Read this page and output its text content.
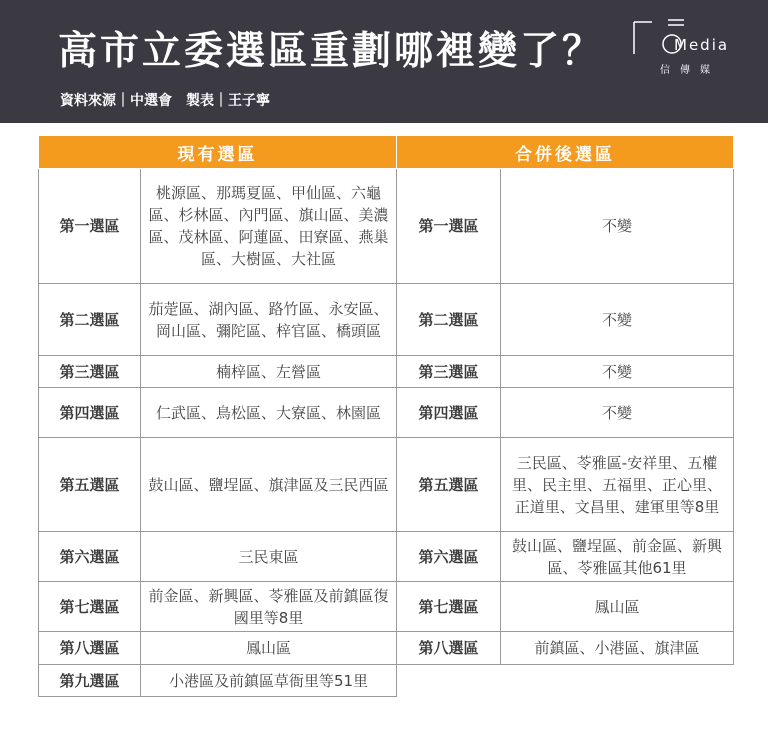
高市立委選區重劃哪裡變了？
資料來源｜中選會　製表｜王子寧
Media
信傳媒
現有選區		合併後選區	
第一選區	桃源區、那瑪夏區、甲仙區、六龜區、杉林區、內門區、旗山區、美濃區、茂林區、阿蓮區、田寮區、燕巢區、大樹區、大社區	第一選區	不變
第二選區	茄萣區、湖內區、路竹區、永安區、岡山區、彌陀區、梓官區、橋頭區	第二選區	不變
第三選區	楠梓區、左營區	第三選區	不變
第四選區	仁武區、鳥松區、大寮區、林園區	第四選區	不變
第五選區	鼓山區、鹽埕區、旗津區及三民西區	第五選區	三民區、苓雅區-安祥里、五權里、民主里、五福里、正心里、正道里、文昌里、建軍里等8里
第六選區	三民東區	第六選區	鼓山區、鹽埕區、前金區、新興區、苓雅區其他61里
第七選區	前金區、新興區、苓雅區及前鎮區復國里等8里	第七選區	鳳山區
第八選區	鳳山區	第八選區	前鎮區、小港區、旗津區
第九選區	小港區及前鎮區草衙里等51里		
